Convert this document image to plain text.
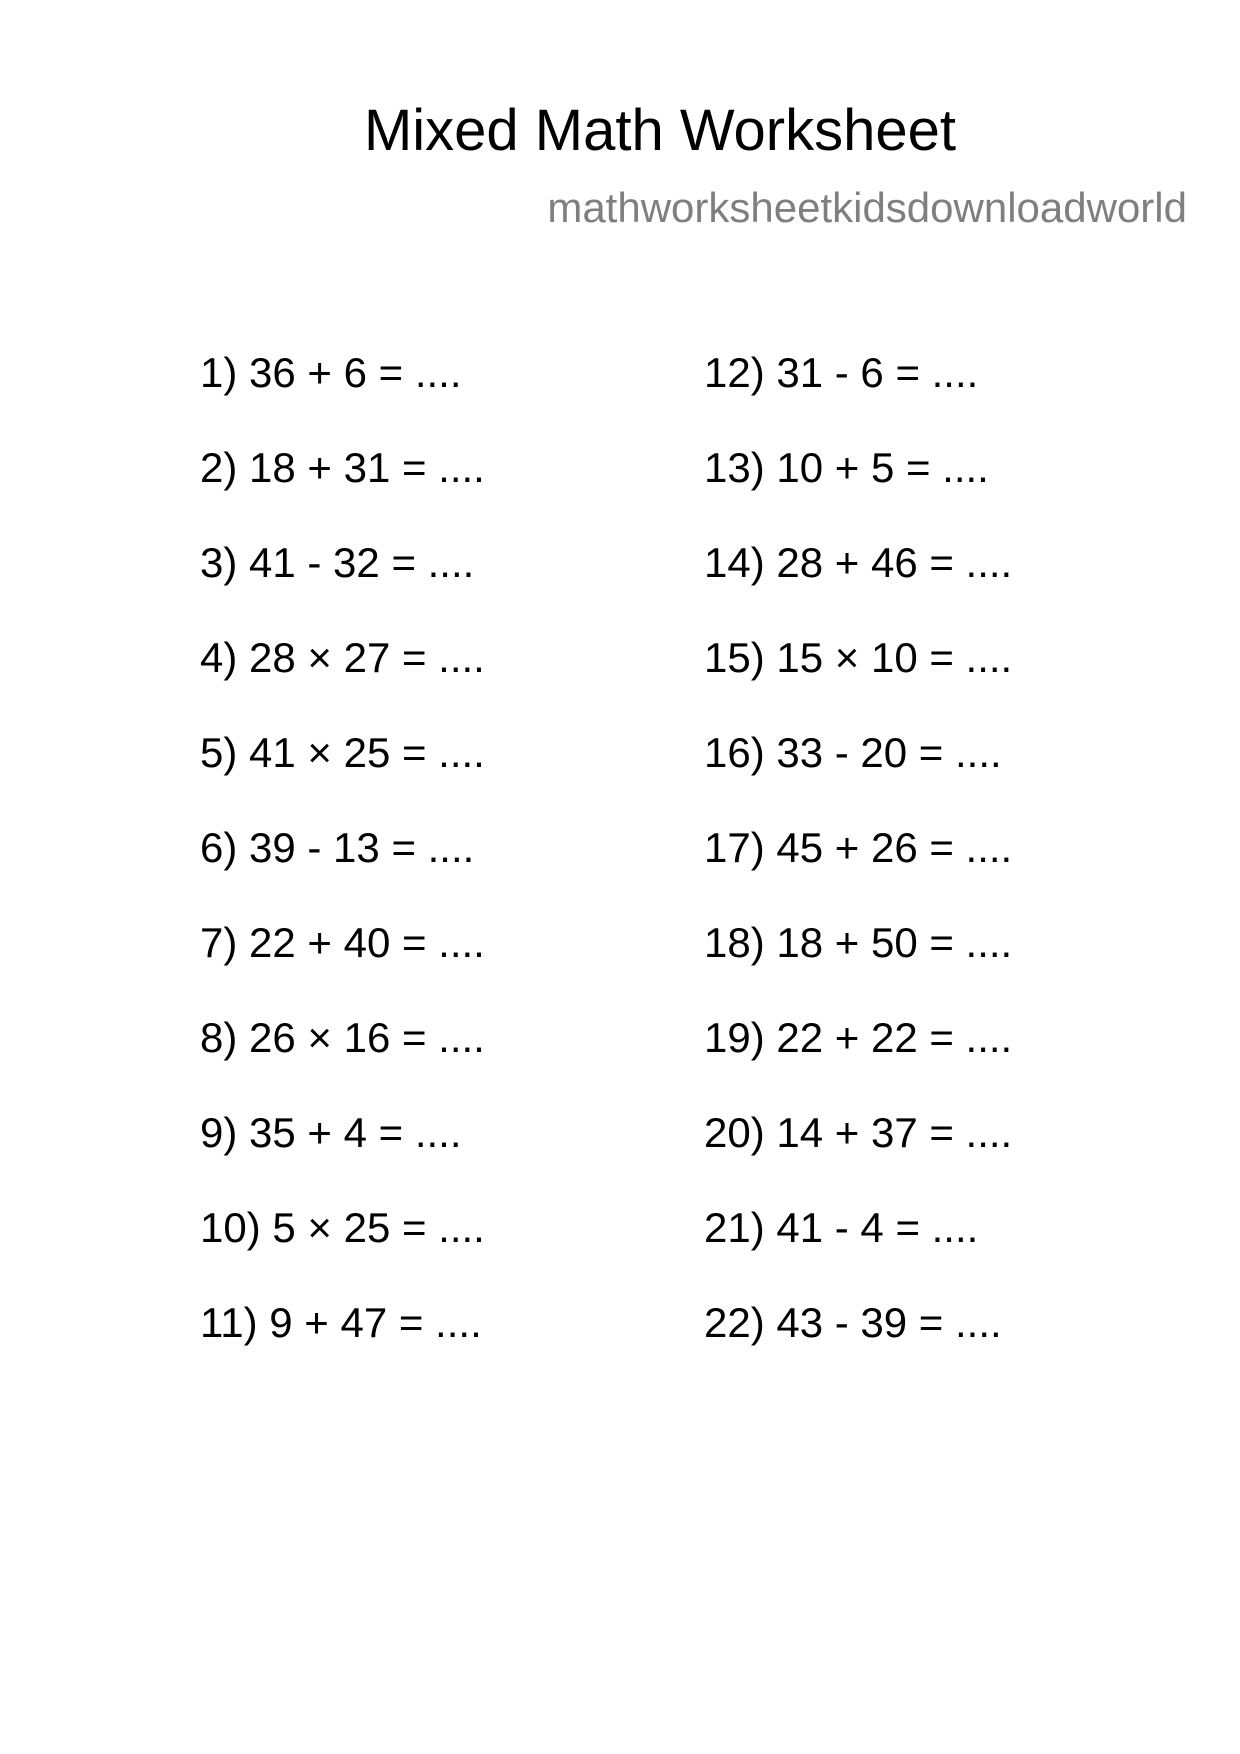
Mixed Math Worksheet
mathworksheetkidsdownloadworld
1) 36 + 6 = ....
2) 18 + 31 = ....
3) 41 - 32 = ....
4) 28 × 27 = ....
5) 41 × 25 = ....
6) 39 - 13 = ....
7) 22 + 40 = ....
8) 26 × 16 = ....
9) 35 + 4 = ....
10) 5 × 25 = ....
11) 9 + 47 = ....
12) 31 - 6 = ....
13) 10 + 5 = ....
14) 28 + 46 = ....
15) 15 × 10 = ....
16) 33 - 20 = ....
17) 45 + 26 = ....
18) 18 + 50 = ....
19) 22 + 22 = ....
20) 14 + 37 = ....
21) 41 - 4 = ....
22) 43 - 39 = ....
